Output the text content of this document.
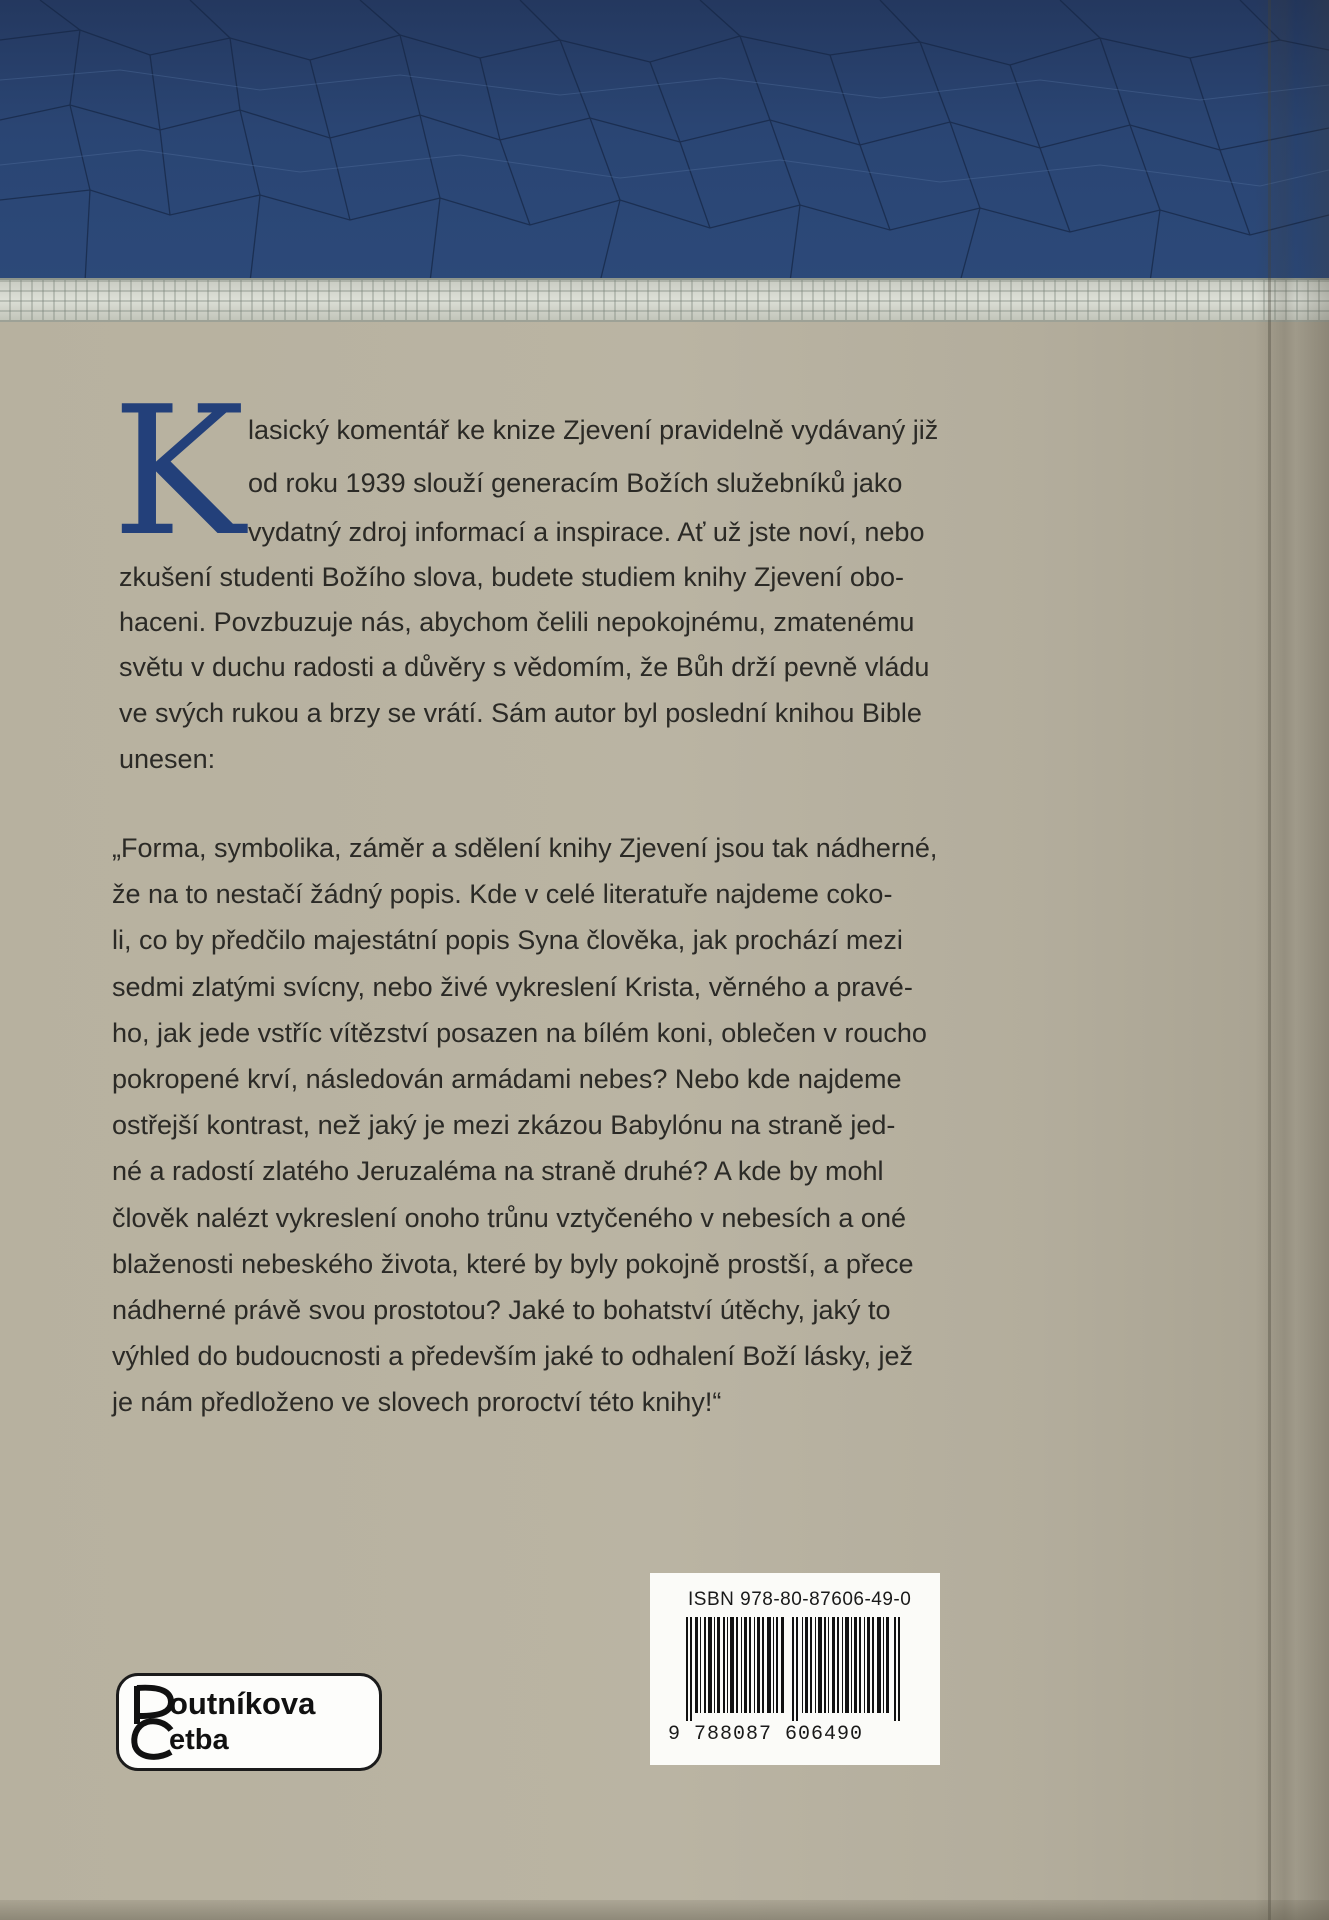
K lasický komentář ke knize Zjevení pravidelně vydávaný již

od roku 1939 slouží generacím Božích služebníků jako

vydatný zdroj informací a inspirace. Ať už jste noví, nebo

zkušení studenti Božího slova, budete studiem knihy Zjevení obo-

haceni. Povzbuzuje nás, abychom čelili nepokojnému, zmatenému

světu v duchu radosti a důvěry s vědomím, že Bůh drží pevně vládu

ve svých rukou a brzy se vrátí. Sám autor byl poslední knihou Bible

unesen:

„Forma, symbolika, záměr a sdělení knihy Zjevení jsou tak nádherné,

že na to nestačí žádný popis. Kde v celé literatuře najdeme coko-

li, co by předčilo majestátní popis Syna člověka, jak prochází mezi

sedmi zlatými svícny, nebo živé vykreslení Krista, věrného a pravé-

ho, jak jede vstříc vítězství posazen na bílém koni, oblečen v roucho

pokropené krví, následován armádami nebes? Nebo kde najdeme

ostřejší kontrast, než jaký je mezi zkázou Babylónu na straně jed-

né a radostí zlatého Jeruzaléma na straně druhé? A kde by mohl

člověk nalézt vykreslení onoho trůnu vztyčeného v nebesích a oné

blaženosti nebeského života, které by byly pokojně prostší, a přece

nádherné právě svou prostotou? Jaké to bohatství útěchy, jaký to

výhled do budoucnosti a především jaké to odhalení Boží lásky, jež

je nám předloženo ve slovech proroctví této knihy!“

ISBN 978-80-87606-49-0
9 788087 606490
outníkova
etba
